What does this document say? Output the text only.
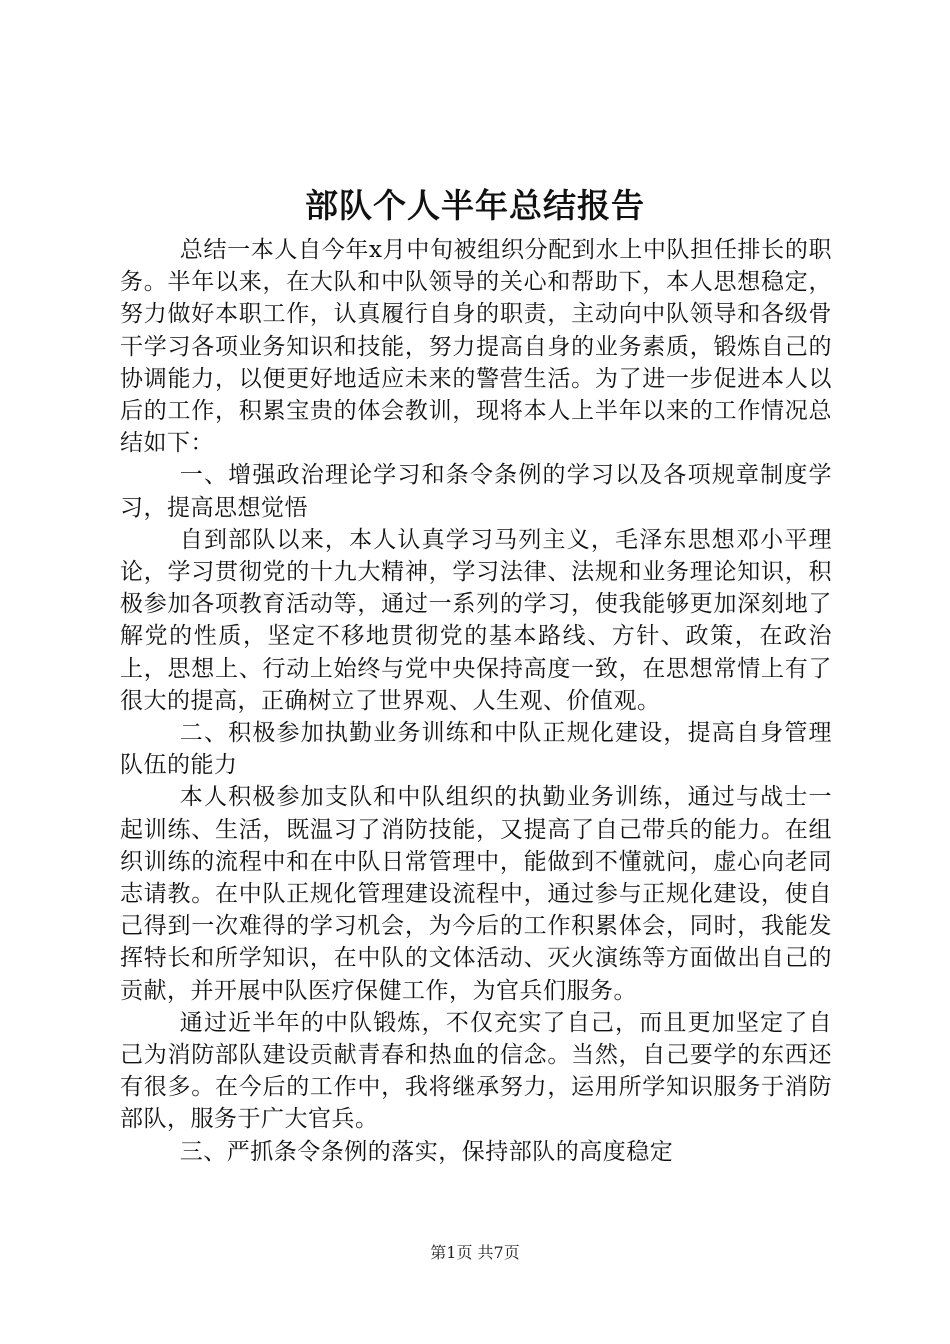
部队个人半年总结报告

总结一本人自今年x月中旬被组织分配到水上中队担任排长的职务。半年以来，在大队和中队领导的关心和帮助下，本人思想稳定，努力做好本职工作，认真履行自身的职责，主动向中队领导和各级骨干学习各项业务知识和技能，努力提高自身的业务素质，锻炼自己的协调能力，以便更好地适应未来的警营生活。为了进一步促进本人以后的工作，积累宝贵的体会教训，现将本人上半年以来的工作情况总结如下：

一、增强政治理论学习和条令条例的学习以及各项规章制度学习，提高思想觉悟

自到部队以来，本人认真学习马列主义，毛泽东思想邓小平理论，学习贯彻党的十九大精神，学习法律、法规和业务理论知识，积极参加各项教育活动等，通过一系列的学习，使我能够更加深刻地了解党的性质，坚定不移地贯彻党的基本路线、方针、政策，在政治上，思想上、行动上始终与党中央保持高度一致，在思想常情上有了很大的提高，正确树立了世界观、人生观、价值观。

二、积极参加执勤业务训练和中队正规化建设，提高自身管理队伍的能力

本人积极参加支队和中队组织的执勤业务训练，通过与战士一起训练、生活，既温习了消防技能，又提高了自己带兵的能力。在组织训练的流程中和在中队日常管理中，能做到不懂就问，虚心向老同志请教。在中队正规化管理建设流程中，通过参与正规化建设，使自己得到一次难得的学习机会，为今后的工作积累体会，同时，我能发挥特长和所学知识，在中队的文体活动、灭火演练等方面做出自己的贡献，并开展中队医疗保健工作，为官兵们服务。

通过近半年的中队锻炼，不仅充实了自己，而且更加坚定了自己为消防部队建设贡献青春和热血的信念。当然，自己要学的东西还有很多。在今后的工作中，我将继承努力，运用所学知识服务于消防部队，服务于广大官兵。

三、严抓条令条例的落实，保持部队的高度稳定

第1页 共7页
